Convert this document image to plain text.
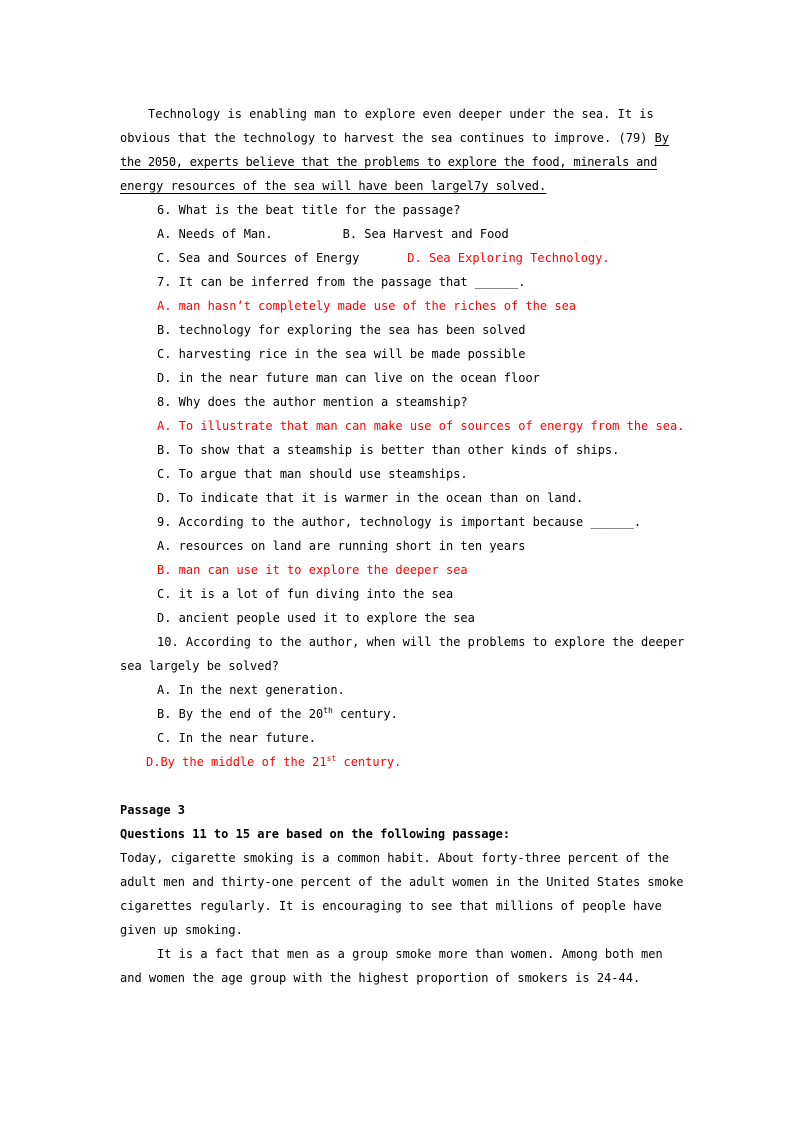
Technology is enabling man to explore even deeper under the sea. It is
obvious that the technology to harvest the sea continues to improve. (79) By
the 2050, experts believe that the problems to explore the food, minerals and
energy resources of the sea will have been largel7y solved.
6. What is the beat title for the passage?
A. Needs of Man.	B. Sea Harvest and Food
C. Sea and Sources of Energy	D. Sea Exploring Technology.
7. It can be inferred from the passage that ______.
A. man hasn’t completely made use of the riches of the sea
B. technology for exploring the sea has been solved
C. harvesting rice in the sea will be made possible
D. in the near future man can live on the ocean floor
8. Why does the author mention a steamship?
A. To illustrate that man can make use of sources of energy from the sea.
B. To show that a steamship is better than other kinds of ships.
C. To argue that man should use steamships.
D. To indicate that it is warmer in the ocean than on land.
9. According to the author, technology is important because ______.
A. resources on land are running short in ten years
B. man can use it to explore the deeper sea
C. it is a lot of fun diving into the sea
D. ancient people used it to explore the sea
10. According to the author, when will the problems to explore the deeper
sea largely be solved?
A. In the next generation.
B. By the end of the 20th century.
C. In the near future.
D.By the middle of the 21st century.
Passage 3
Questions 11 to 15 are based on the following passage:
Today, cigarette smoking is a common habit. About forty-three percent of the
adult men and thirty-one percent of the adult women in the United States smoke
cigarettes regularly. It is encouraging to see that millions of people have
given up smoking.
It is a fact that men as a group smoke more than women. Among both men
and women the age group with the highest proportion of smokers is 24-44.
